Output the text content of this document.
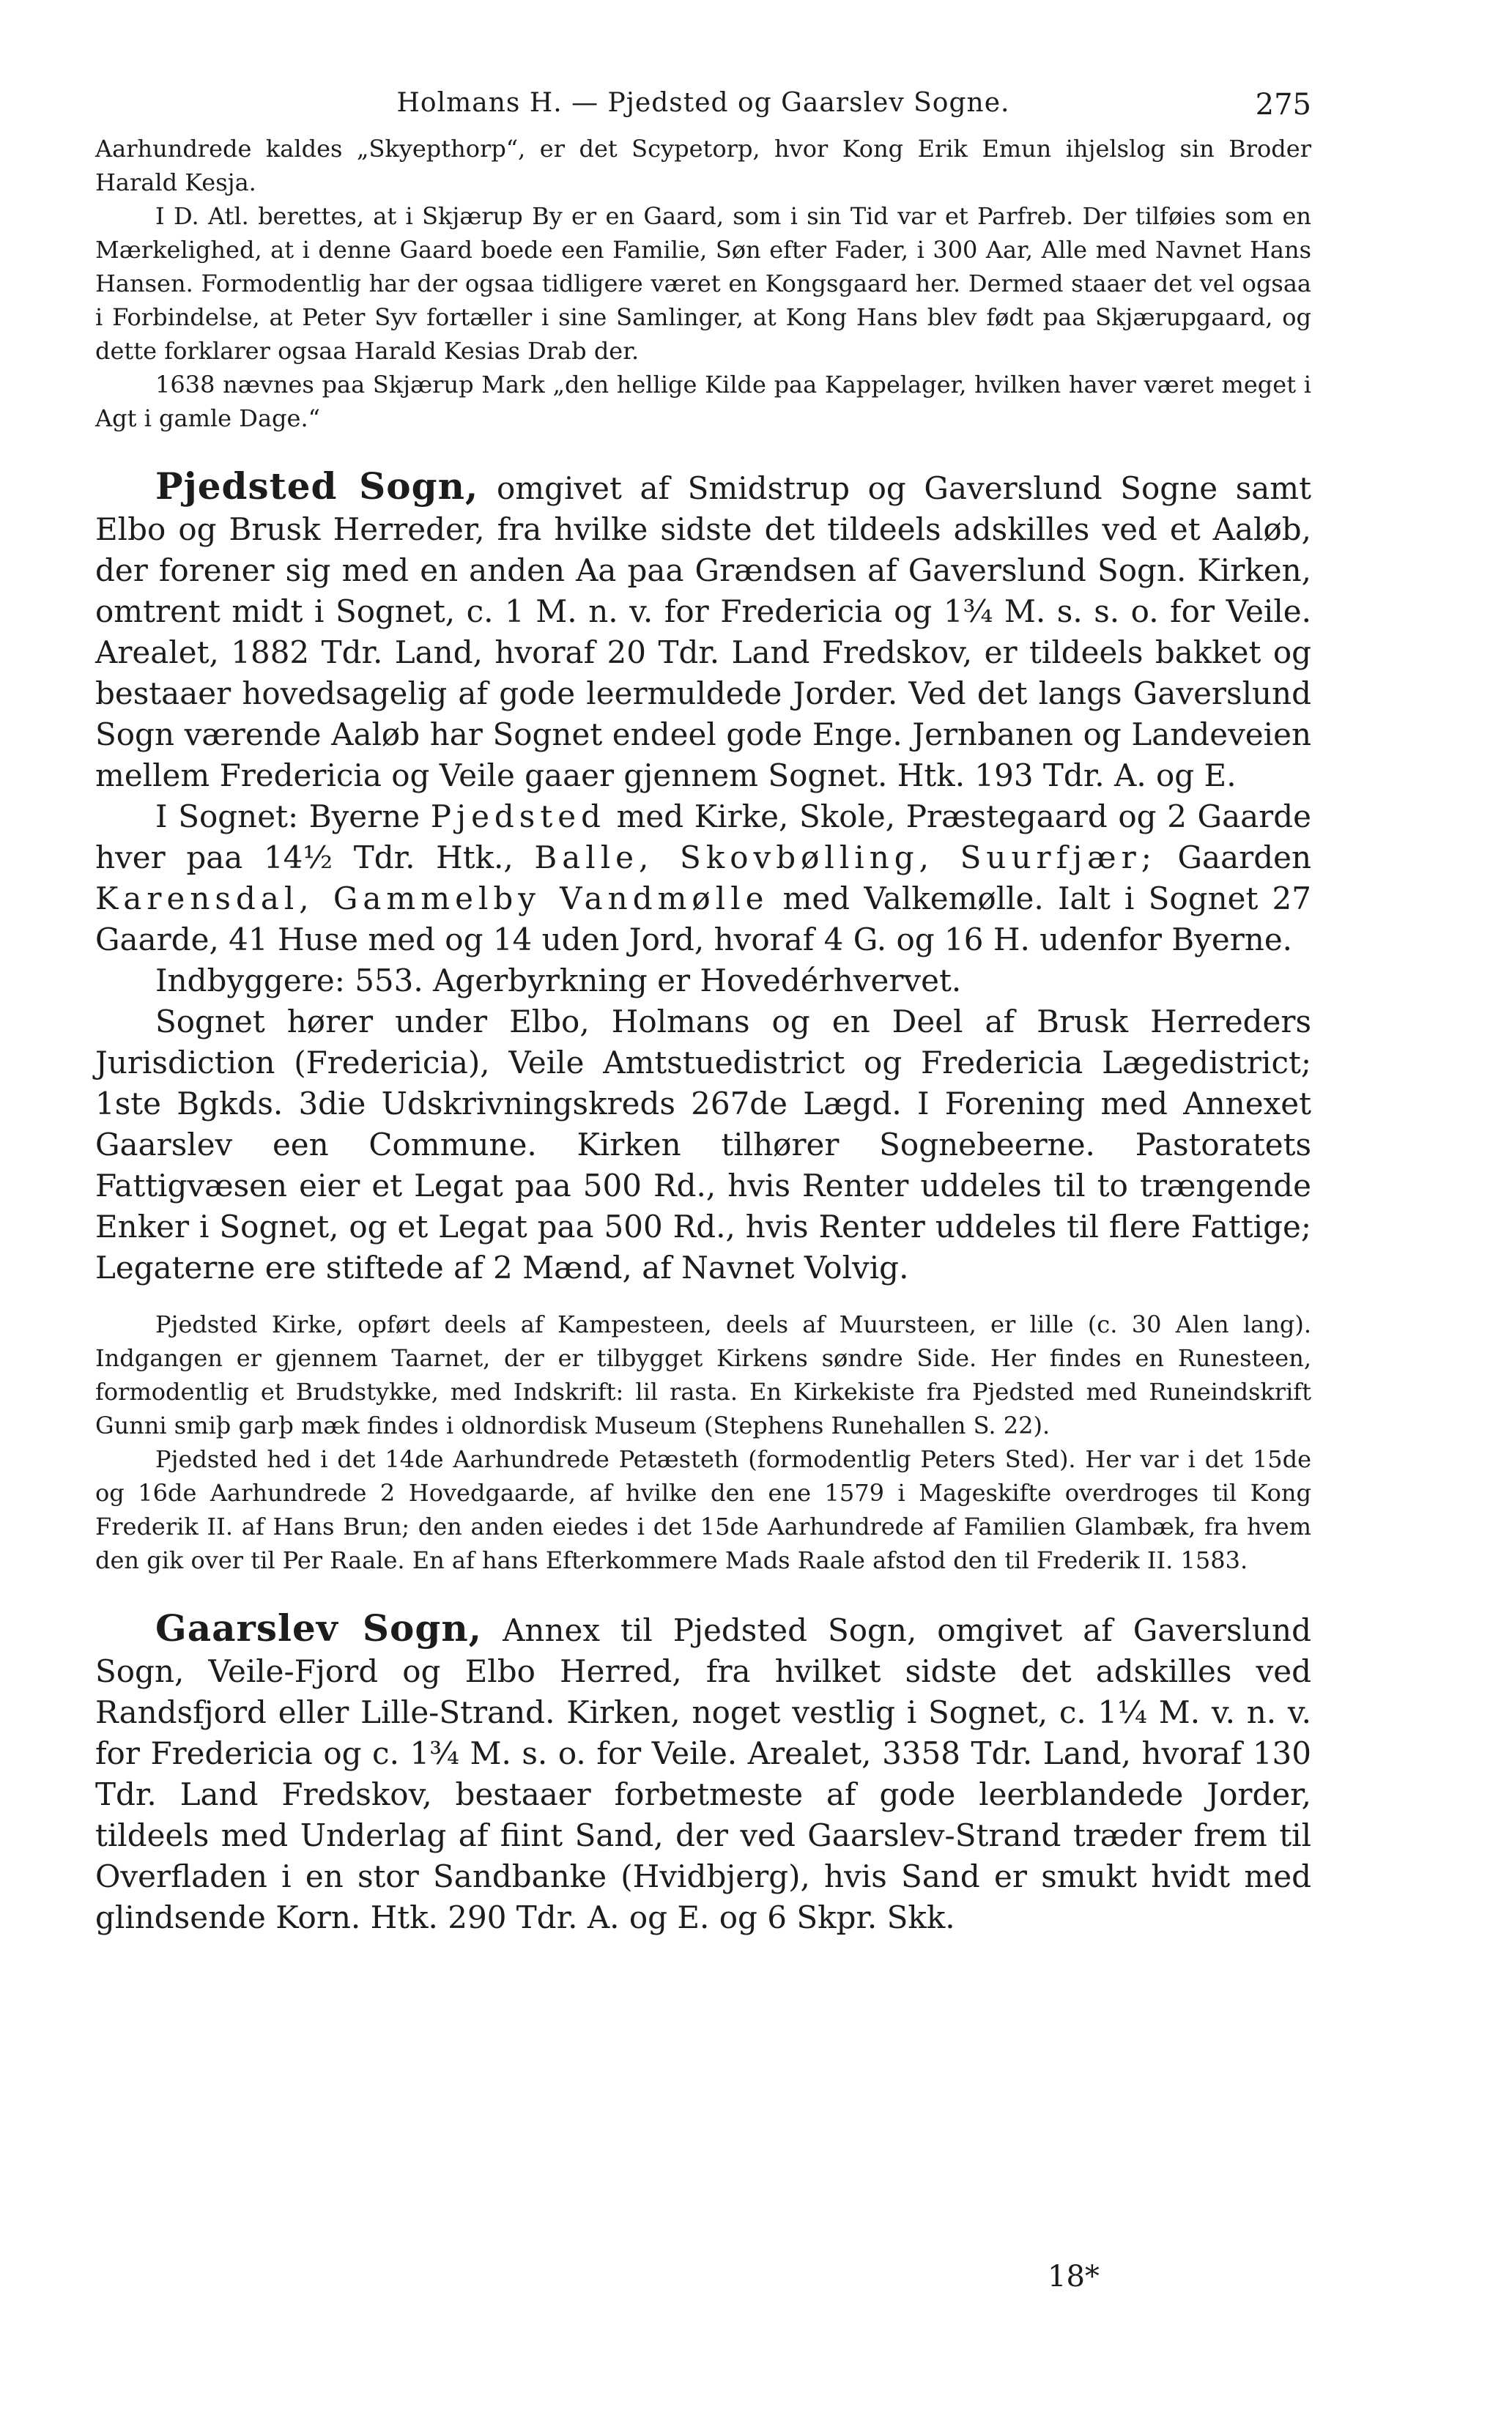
Holmans H. — Pjedsted og Gaarslev Sogne.	275

Aarhundrede kaldes „Skyepthorp“, er det Scypetorp, hvor Kong Erik Emun ihjelslog sin Broder Harald Kesja.

I D. Atl. berettes, at i Skjærup By er en Gaard, som i sin Tid var et Parfreb. Der tilføies som en Mærkelighed, at i denne Gaard boede een Familie, Søn efter Fader, i 300 Aar, Alle med Navnet Hans Hansen. Formodentlig har der ogsaa tidligere været en Kongsgaard her. Dermed staaer det vel ogsaa i Forbindelse, at Peter Syv fortæller i sine Samlinger, at Kong Hans blev født paa Skjærupgaard, og dette forklarer ogsaa Harald Kesias Drab der.

1638 nævnes paa Skjærup Mark „den hellige Kilde paa Kappelager, hvilken haver været meget i Agt i gamle Dage.“

Pjedsted Sogn, omgivet af Smidstrup og Gaverslund Sogne samt Elbo og Brusk Herreder, fra hvilke sidste det tildeels adskilles ved et Aaløb, der forener sig med en anden Aa paa Grændsen af Gaverslund Sogn. Kirken, omtrent midt i Sognet, c. 1 M. n. v. for Fredericia og 1¾ M. s. s. o. for Veile. Arealet, 1882 Tdr. Land, hvoraf 20 Tdr. Land Fredskov, er tildeels bakket og bestaaer hovedsagelig af gode leermuldede Jorder. Ved det langs Gaverslund Sogn værende Aaløb har Sognet endeel gode Enge. Jernbanen og Landeveien mellem Fredericia og Veile gaaer gjennem Sognet. Htk. 193 Tdr. A. og E.

I Sognet: Byerne Pjedsted med Kirke, Skole, Præstegaard og 2 Gaarde hver paa 14½ Tdr. Htk., Balle, Skovbølling, Suurfjær; Gaarden Karensdal, Gammelby Vandmølle med Valkemølle. Ialt i Sognet 27 Gaarde, 41 Huse med og 14 uden Jord, hvoraf 4 G. og 16 H. udenfor Byerne.

Indbyggere: 553. Agerbyrkning er Hovedérhvervet.

Sognet hører under Elbo, Holmans og en Deel af Brusk Herreders Jurisdiction (Fredericia), Veile Amtstuedistrict og Fredericia Lægedistrict; 1ste Bgkds. 3die Udskrivningskreds 267de Lægd. I Forening med Annexet Gaarslev een Commune. Kirken tilhører Sognebeerne. Pastoratets Fattigvæsen eier et Legat paa 500 Rd., hvis Renter uddeles til to trængende Enker i Sognet, og et Legat paa 500 Rd., hvis Renter uddeles til flere Fattige; Legaterne ere stiftede af 2 Mænd, af Navnet Volvig.

Pjedsted Kirke, opført deels af Kampesteen, deels af Muursteen, er lille (c. 30 Alen lang). Indgangen er gjennem Taarnet, der er tilbygget Kirkens søndre Side. Her findes en Runesteen, formodentlig et Brudstykke, med Indskrift: lil rasta. En Kirkekiste fra Pjedsted med Runeindskrift Gunni smiþ garþ mæk findes i oldnordisk Museum (Stephens Runehallen S. 22).

Pjedsted hed i det 14de Aarhundrede Petæsteth (formodentlig Peters Sted). Her var i det 15de og 16de Aarhundrede 2 Hovedgaarde, af hvilke den ene 1579 i Mageskifte overdroges til Kong Frederik II. af Hans Brun; den anden eiedes i det 15de Aarhundrede af Familien Glambæk, fra hvem den gik over til Per Raale. En af hans Efterkommere Mads Raale afstod den til Frederik II. 1583.

Gaarslev Sogn, Annex til Pjedsted Sogn, omgivet af Gaverslund Sogn, Veile-Fjord og Elbo Herred, fra hvilket sidste det adskilles ved Randsfjord eller Lille-Strand. Kirken, noget vestlig i Sognet, c. 1¼ M. v. n. v. for Fredericia og c. 1¾ M. s. o. for Veile. Arealet, 3358 Tdr. Land, hvoraf 130 Tdr. Land Fredskov, bestaaer forbetmeste af gode leerblandede Jorder, tildeels med Underlag af fiint Sand, der ved Gaarslev-Strand træder frem til Overfladen i en stor Sandbanke (Hvidbjerg), hvis Sand er smukt hvidt med glindsende Korn. Htk. 290 Tdr. A. og E. og 6 Skpr. Skk.

18*
